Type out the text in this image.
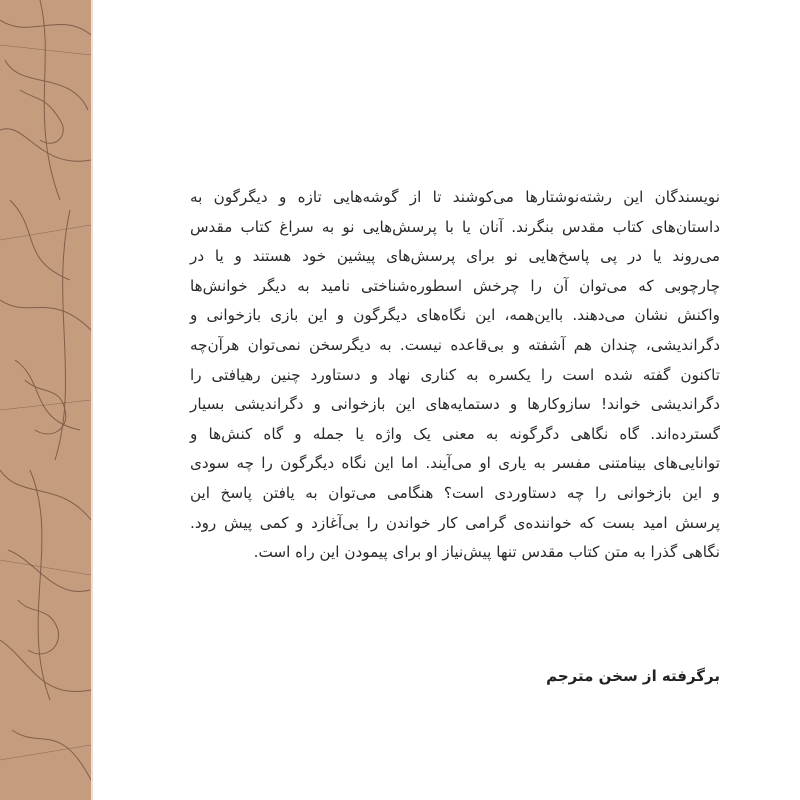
نویسندگان این رشته‌نوشتارها می‌کوشند تا از گوشه‌هایی تازه و دیگرگون به
داستان‌های کتاب مقدس بنگرند. آنان یا با پرسش‌هایی نو به سراغ کتاب مقدس
می‌روند یا در پی پاسخ‌هایی نو برای پرسش‌های پیشین خود هستند و یا در
چارچوبی که می‌توان آن را چرخش اسطوره‌شناختی نامید به دیگر خوانش‌ها
واکنش نشان می‌دهند. بااین‌همه، این نگاه‌های دیگرگون و این بازی بازخوانی و
دگراندیشی، چندان هم آشفته و بی‌قاعده نیست. به دیگرسخن نمی‌توان هرآن‌چه
تاکنون گفته شده است را یکسره به کناری نهاد و دستاورد چنین رهیافتی را
دگراندیشی خواند! سازوکارها و دستمایه‌های این بازخوانی و دگراندیشی بسیار
گسترده‌اند. گاه نگاهی دگرگونه به معنی یک واژه یا جمله و گاه کنش‌ها و
توانایی‌های بینامتنی مفسر به یاری او می‌آیند. اما این نگاه دیگرگون را چه سودی
و این بازخوانی را چه دستاوردی است؟ هنگامی می‌توان به یافتن پاسخ این
پرسش امید بست که خواننده‌ی گرامی کار خواندن را بی‌آغازد و کمی پیش رود.
نگاهی گذرا به متن کتاب مقدس تنها پیش‌نیاز او برای پیمودن این راه است.
برگرفته از سخن مترجم
